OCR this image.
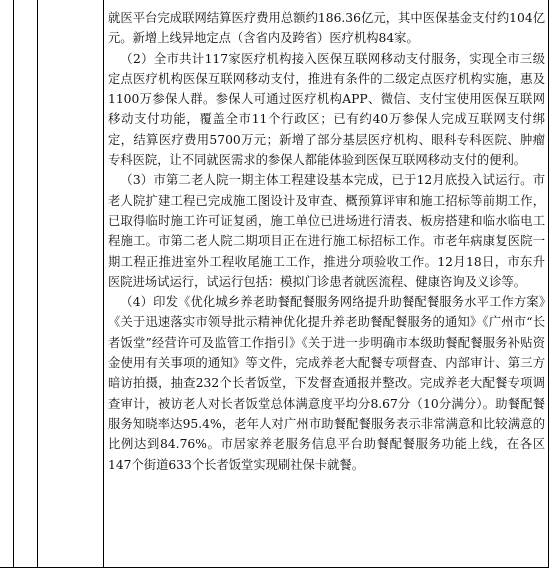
就医平台完成联网结算医疗费用总额约186.36亿元，其中医保基金支付约104亿元。新增上线异地定点（含省内及跨省）医疗机构84家。

（2）全市共计117家医疗机构接入医保互联网移动支付服务，实现全市三级定点医疗机构医保互联网移动支付，推进有条件的二级定点医疗机构实施，惠及1100万参保人群。参保人可通过医疗机构APP、微信、支付宝使用医保互联网移动支付功能，覆盖全市11个行政区；已有约40万参保人完成互联网支付绑定，结算医疗费用5700万元；新增了部分基层医疗机构、眼科专科医院、肿瘤专科医院，让不同就医需求的参保人都能体验到医保互联网移动支付的便利。

（3）市第二老人院一期主体工程建设基本完成，已于12月底投入试运行。市老人院扩建工程已完成施工图设计及审查、概预算评审和施工招标等前期工作，已取得临时施工许可证复函，施工单位已进场进行清表、板房搭建和临水临电工程施工。市第二老人院二期项目正在进行施工标招标工作。市老年病康复医院一期工程正推进室外工程收尾施工工作，推进分项验收工作。12月18日，市东升医院进场试运行，试运行包括：模拟门诊患者就医流程、健康咨询及义诊等。

（4）印发《优化城乡养老助餐配餐服务网络提升助餐配餐服务水平工作方案》《关于迅速落实市领导批示精神优化提升养老助餐配餐服务的通知》《广州市“长者饭堂”经营许可及监管工作指引》《关于进一步明确市本级助餐配餐服务补贴资金使用有关事项的通知》等文件，完成养老大配餐专项督查、内部审计、第三方暗访拍摄，抽查232个长者饭堂，下发督查通报并整改。完成养老大配餐专项调查审计，被访老人对长者饭堂总体满意度平均分8.67分（10分满分）。助餐配餐服务知晓率达95.4%，老年人对广州市助餐配餐服务表示非常满意和比较满意的比例达到84.76%。市居家养老服务信息平台助餐配餐服务功能上线，在各区147个街道633个长者饭堂实现刷社保卡就餐。
